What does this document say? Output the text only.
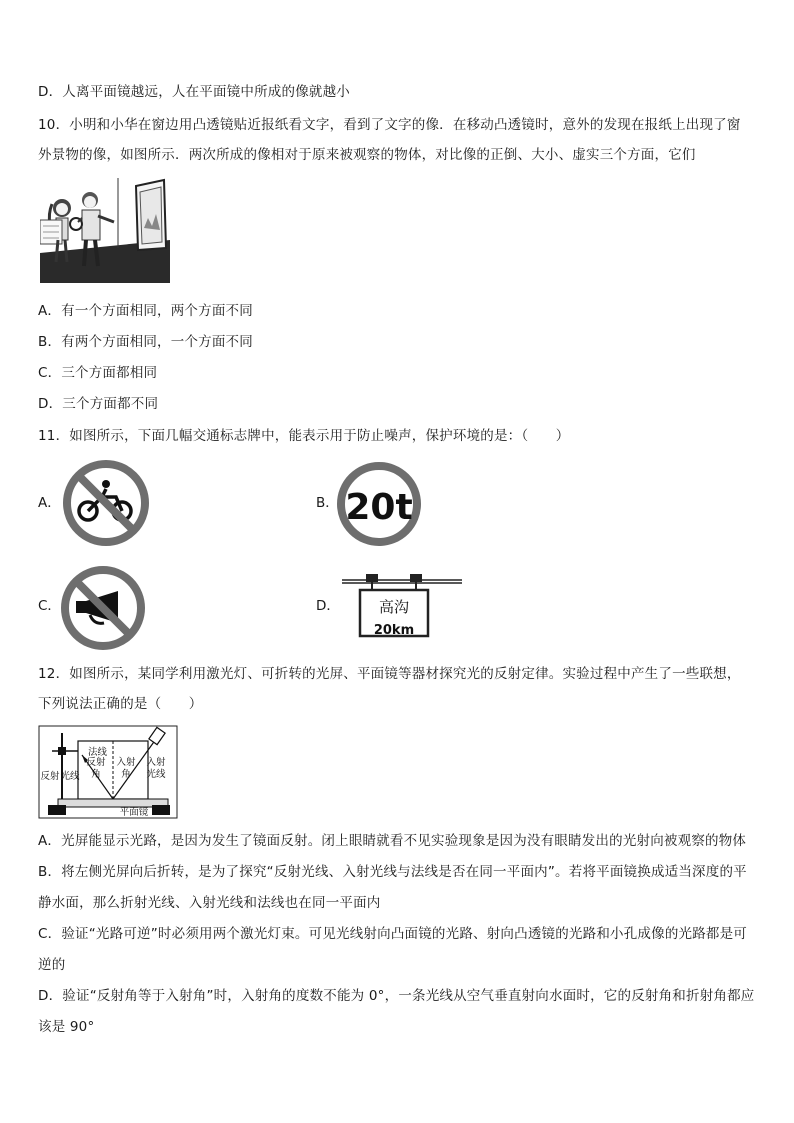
D．人离平面镜越远，人在平面镜中所成的像就越小
10．小明和小华在窗边用凸透镜贴近报纸看文字，看到了文字的像．在移动凸透镜时，意外的发现在报纸上出现了窗
外景物的像，如图所示．两次所成的像相对于原来被观察的物体，对比像的正倒、大小、虚实三个方面，它们
A．有一个方面相同，两个方面不同
B．有两个方面相同，一个方面不同
C．三个方面都相同
D．三个方面都不同
11．如图所示，下面几幅交通标志牌中，能表示用于防止噪声，保护环境的是：（　　）
A．	B． 20t
C．	D．	高沟
20km
12．如图所示，某同学利用激光灯、可折转的光屏、平面镜等器材探究光的反射定律。实验过程中产生了一些联想，
下列说法正确的是（　　）
法线
反射
角
入射
角
入射
光线
反射 光线
平面镜
A．光屏能显示光路，是因为发生了镜面反射。闭上眼睛就看不见实验现象是因为没有眼睛发出的光射向被观察的物体
B．将左侧光屏向后折转，是为了探究“反射光线、入射光线与法线是否在同一平面内”。若将平面镜换成适当深度的平
静水面，那么折射光线、入射光线和法线也在同一平面内
C．验证“光路可逆”时必须用两个激光灯束。可见光线射向凸面镜的光路、射向凸透镜的光路和小孔成像的光路都是可
逆的
D．验证“反射角等于入射角”时，入射角的度数不能为 0°，一条光线从空气垂直射向水面时，它的反射角和折射角都应
该是 90°
